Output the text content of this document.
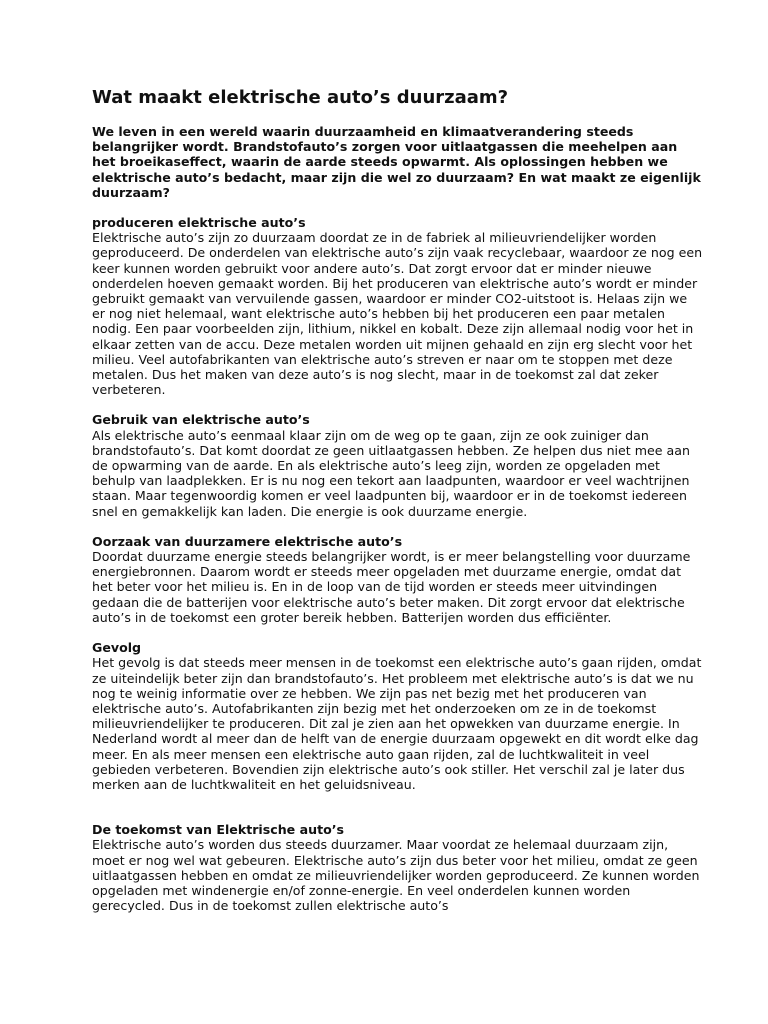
Wat maakt elektrische auto’s duurzaam?

We leven in een wereld waarin duurzaamheid en klimaatverandering steeds belangrijker wordt. Brandstofauto’s zorgen voor uitlaatgassen die meehelpen aan het broeikaseffect, waarin de aarde steeds opwarmt. Als oplossingen hebben we elektrische auto’s bedacht, maar zijn die wel zo duurzaam? En wat maakt ze eigenlijk duurzaam?

produceren elektrische auto’s

Elektrische auto’s zijn zo duurzaam doordat ze in de fabriek al milieuvriendelijker worden geproduceerd. De onderdelen van elektrische auto’s zijn vaak recyclebaar, waardoor ze nog een keer kunnen worden gebruikt voor andere auto’s. Dat zorgt ervoor dat er minder nieuwe onderdelen hoeven gemaakt worden. Bij het produceren van elektrische auto’s wordt er minder gebruikt gemaakt van vervuilende gassen, waardoor er minder CO2-uitstoot is. Helaas zijn we er nog niet helemaal, want elektrische auto’s hebben bij het produceren een paar metalen nodig. Een paar voorbeelden zijn, lithium, nikkel en kobalt. Deze zijn allemaal nodig voor het in elkaar zetten van de accu. Deze metalen worden uit mijnen gehaald en zijn erg slecht voor het milieu. Veel autofabrikanten van elektrische auto’s streven er naar om te stoppen met deze metalen. Dus het maken van deze auto’s is nog slecht, maar in de toekomst zal dat zeker verbeteren.

Gebruik van elektrische auto’s

Als elektrische auto’s eenmaal klaar zijn om de weg op te gaan, zijn ze ook zuiniger dan brandstofauto’s. Dat komt doordat ze geen uitlaatgassen hebben. Ze helpen dus niet mee aan de opwarming van de aarde. En als elektrische auto’s leeg zijn, worden ze opgeladen met behulp van laadplekken. Er is nu nog een tekort aan laadpunten, waardoor er veel wachtrijnen staan. Maar tegenwoordig komen er veel laadpunten bij, waardoor er in de toekomst iedereen snel en gemakkelijk kan laden. Die energie is ook duurzame energie.

Oorzaak van duurzamere elektrische auto’s

Doordat duurzame energie steeds belangrijker wordt, is er meer belangstelling voor duurzame energiebronnen. Daarom wordt er steeds meer opgeladen met duurzame energie, omdat dat het beter voor het milieu is. En in de loop van de tijd worden er steeds meer uitvindingen gedaan die de batterijen voor elektrische auto’s beter maken. Dit zorgt ervoor dat elektrische auto’s in de toekomst een groter bereik hebben. Batterijen worden dus efficiënter.

Gevolg

Het gevolg is dat steeds meer mensen in de toekomst een elektrische auto’s gaan rijden, omdat ze uiteindelijk beter zijn dan brandstofauto’s. Het probleem met elektrische auto’s is dat we nu nog te weinig informatie over ze hebben. We zijn pas net bezig met het produceren van elektrische auto’s. Autofabrikanten zijn bezig met het onderzoeken om ze in de toekomst milieuvriendelijker te produceren. Dit zal je zien aan het opwekken van duurzame energie. In Nederland wordt al meer dan de helft van de energie duurzaam opgewekt en dit wordt elke dag meer. En als meer mensen een elektrische auto gaan rijden, zal de luchtkwaliteit in veel gebieden verbeteren. Bovendien zijn elektrische auto’s ook stiller. Het verschil zal je later dus merken aan de luchtkwaliteit en het geluidsniveau.

De toekomst van Elektrische auto’s

Elektrische auto’s worden dus steeds duurzamer. Maar voordat ze helemaal duurzaam zijn, moet er nog wel wat gebeuren. Elektrische auto’s zijn dus beter voor het milieu, omdat ze geen uitlaatgassen hebben en omdat ze milieuvriendelijker worden geproduceerd. Ze kunnen worden opgeladen met windenergie en/of zonne-energie. En veel onderdelen kunnen worden gerecycled. Dus in de toekomst zullen elektrische auto’s
